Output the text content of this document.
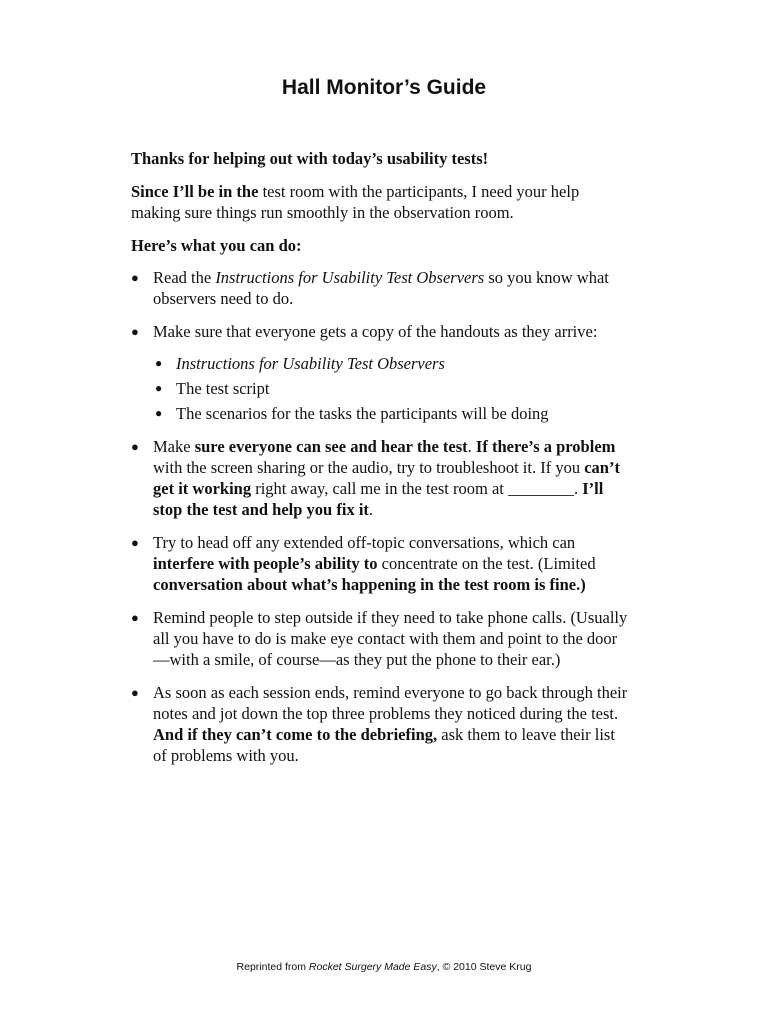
Hall Monitor’s Guide

Thanks for helping out with today’s usability tests!

Since I’ll be in the test room with the participants, I need your help making sure things run smoothly in the observation room.

Here’s what you can do:

● Read the Instructions for Usability Test Observers so you know what observers need to do.
● Make sure that everyone gets a copy of the handouts as they arrive:
● Instructions for Usability Test Observers
● The test script
● The scenarios for the tasks the participants will be doing
● Make sure everyone can see and hear the test. If there’s a problem with the screen sharing or the audio, try to troubleshoot it. If you can’t get it working right away, call me in the test room at ________. I’ll stop the test and help you fix it.
● Try to head off any extended off-topic conversations, which can interfere with people’s ability to concentrate on the test. (Limited conversation about what’s happening in the test room is fine.)
● Remind people to step outside if they need to take phone calls. (Usually all you have to do is make eye contact with them and point to the door—with a smile, of course—as they put the phone to their ear.)
● As soon as each session ends, remind everyone to go back through their notes and jot down the top three problems they noticed during the test. And if they can’t come to the debriefing, ask them to leave their list of problems with you.
Reprinted from Rocket Surgery Made Easy, © 2010 Steve Krug
